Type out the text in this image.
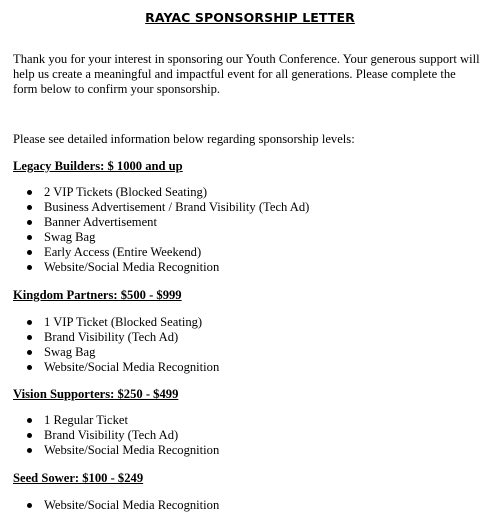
RAYAC SPONSORSHIP LETTER

Thank you for your interest in sponsoring our Youth Conference. Your generous support will help us create a meaningful and impactful event for all generations. Please complete the form below to confirm your sponsorship.

Please see detailed information below regarding sponsorship levels:

Legacy Builders: $ 1000 and up

2 VIP Tickets (Blocked Seating)
Business Advertisement / Brand Visibility (Tech Ad)
Banner Advertisement
Swag Bag
Early Access (Entire Weekend)
Website/Social Media Recognition

Kingdom Partners: $500 - $999

1 VIP Ticket (Blocked Seating)
Brand Visibility (Tech Ad)
Swag Bag
Website/Social Media Recognition

Vision Supporters: $250 - $499

1 Regular Ticket
Brand Visibility (Tech Ad)
Website/Social Media Recognition

Seed Sower: $100 - $249

Website/Social Media Recognition
